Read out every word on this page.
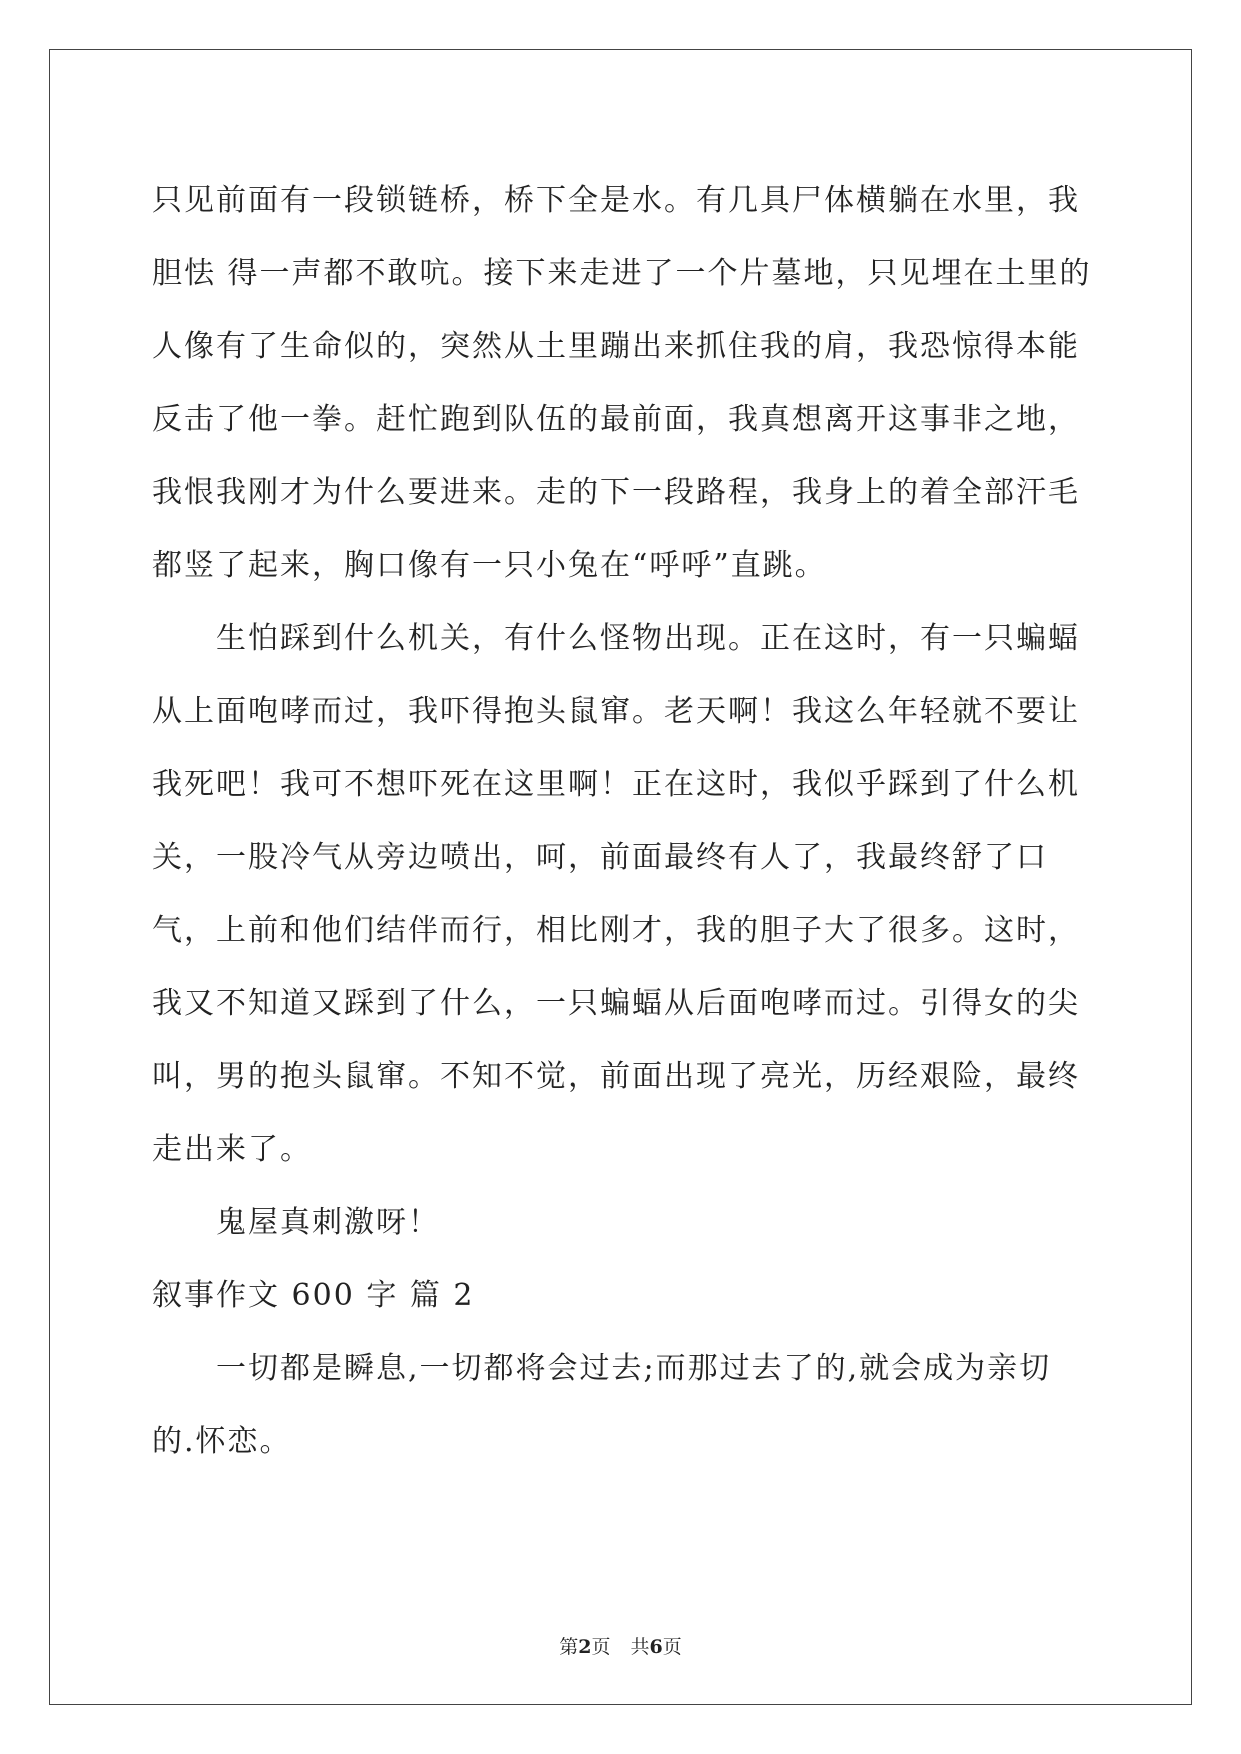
只见前面有一段锁链桥，桥下全是水。有几具尸体横躺在水里，我胆怯 得一声都不敢吭。接下来走进了一个片墓地，只见埋在土里的人像有了生命似的，突然从土里蹦出来抓住我的肩，我恐惊得本能反击了他一拳。赶忙跑到队伍的最前面，我真想离开这事非之地，我恨我刚才为什么要进来。走的下一段路程，我身上的着全部汗毛都竖了起来，胸口像有一只小兔在“呼呼”直跳。

生怕踩到什么机关，有什么怪物出现。正在这时，有一只蝙蝠从上面咆哮而过，我吓得抱头鼠窜。老天啊！我这么年轻就不要让我死吧！我可不想吓死在这里啊！正在这时，我似乎踩到了什么机关，一股冷气从旁边喷出，呵，前面最终有人了，我最终舒了口气，上前和他们结伴而行，相比刚才，我的胆子大了很多。这时，我又不知道又踩到了什么，一只蝙蝠从后面咆哮而过。引得女的尖叫，男的抱头鼠窜。不知不觉，前面出现了亮光，历经艰险，最终走出来了。

鬼屋真刺激呀！

叙事作文 600 字 篇 2

一切都是瞬息,一切都将会过去;而那过去了的,就会成为亲切的.怀恋。

第2页 共6页
